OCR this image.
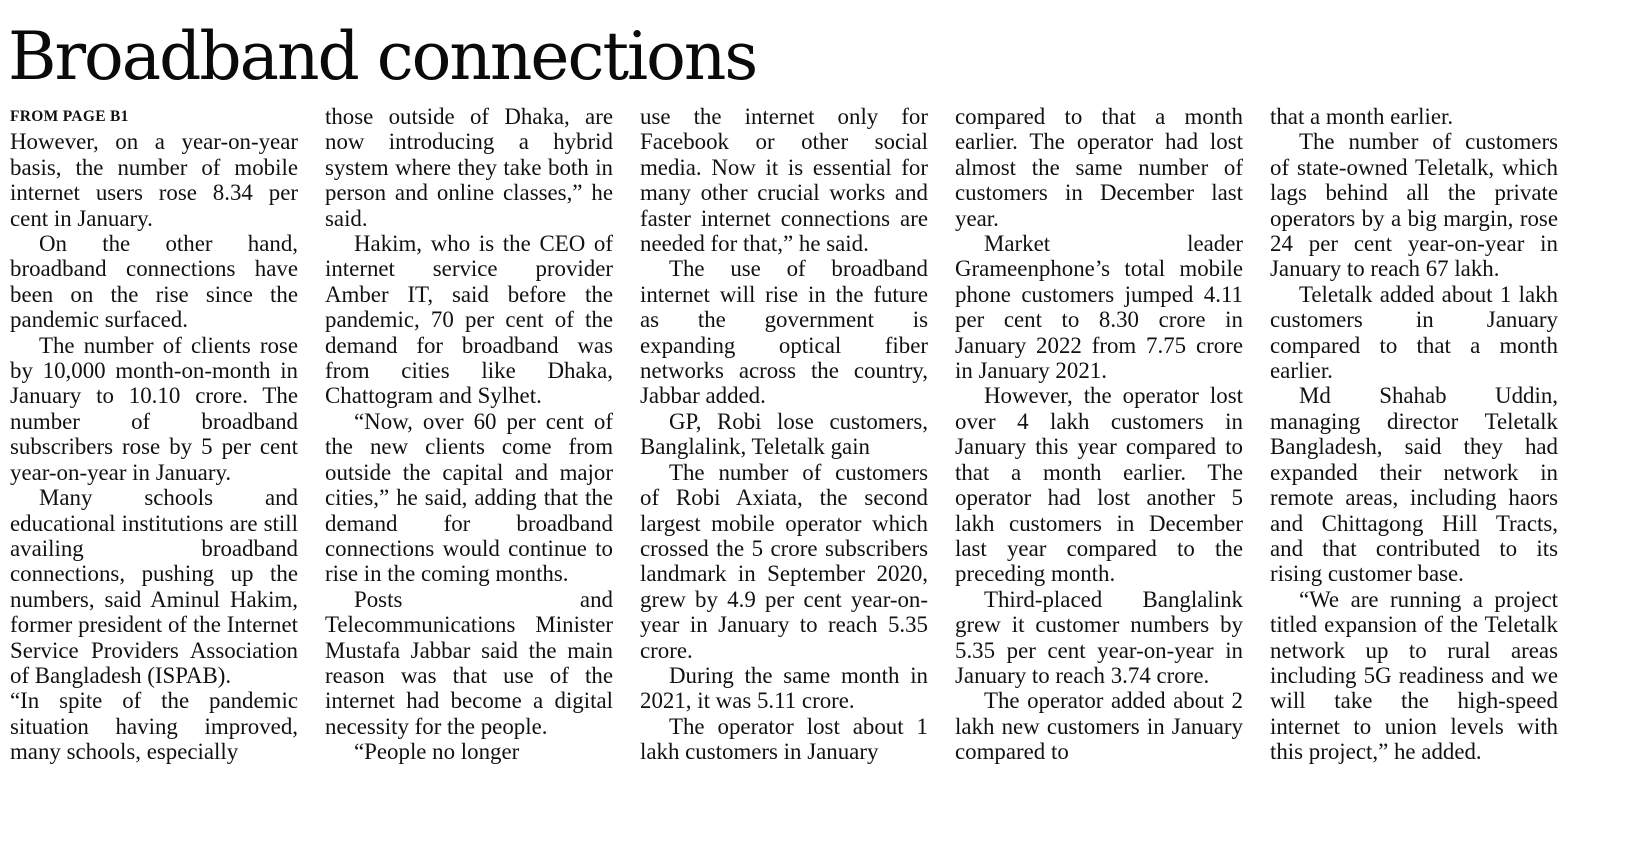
Broadband connections
FROM PAGE B1

However, on a year-on-year basis, the number of mobile internet users rose 8.34 per cent in January.

On the other hand, broadband connections have been on the rise since the pandemic surfaced.

The number of clients rose by 10,000 month-on-month in January to 10.10 crore. The number of broadband subscribers rose by 5 per cent year-on-year in January.

Many schools and educational institutions are still availing broadband connections, pushing up the numbers, said Aminul Hakim, former president of the Internet Service Providers Association of Bangladesh (ISPAB).

“In spite of the pandemic situation having improved, many schools, especially

those outside of Dhaka, are now introducing a hybrid system where they take both in person and online classes,” he said.

Hakim, who is the CEO of internet service provider Amber IT, said before the pandemic, 70 per cent of the demand for broadband was from cities like Dhaka, Chattogram and Sylhet.

“Now, over 60 per cent of the new clients come from outside the capital and major cities,” he said, adding that the demand for broadband connections would continue to rise in the coming months.

Posts and Telecommunications Minister Mustafa Jabbar said the main reason was that use of the internet had become a digital necessity for the people.

“People no longer

use the internet only for Facebook or other social media. Now it is essential for many other crucial works and faster internet connections are needed for that,” he said.

The use of broadband internet will rise in the future as the government is expanding optical fiber networks across the country, Jabbar added.

GP, Robi lose customers, Banglalink, Teletalk gain

The number of customers of Robi Axiata, the second largest mobile operator which crossed the 5 crore subscribers landmark in September 2020, grew by 4.9 per cent year-on-year in January to reach 5.35 crore.

During the same month in 2021, it was 5.11 crore.

The operator lost about 1 lakh customers in January

compared to that a month earlier. The operator had lost almost the same number of customers in December last year.

Market leader Grameenphone’s total mobile phone customers jumped 4.11 per cent to 8.30 crore in January 2022 from 7.75 crore in January 2021.

However, the operator lost over 4 lakh customers in January this year compared to that a month earlier. The operator had lost another 5 lakh customers in December last year compared to the preceding month.

Third-placed Banglalink grew it customer numbers by 5.35 per cent year-on-year in January to reach 3.74 crore.

The operator added about 2 lakh new customers in January compared to

that a month earlier.

The number of customers of state-owned Teletalk, which lags behind all the private operators by a big margin, rose 24 per cent year-on-year in January to reach 67 lakh.

Teletalk added about 1 lakh customers in January compared to that a month earlier.

Md Shahab Uddin, managing director Teletalk Bangladesh, said they had expanded their network in remote areas, including haors and Chittagong Hill Tracts, and that contributed to its rising customer base.

“We are running a project titled expansion of the Teletalk network up to rural areas including 5G readiness and we will take the high-speed internet to union levels with this project,” he added.
